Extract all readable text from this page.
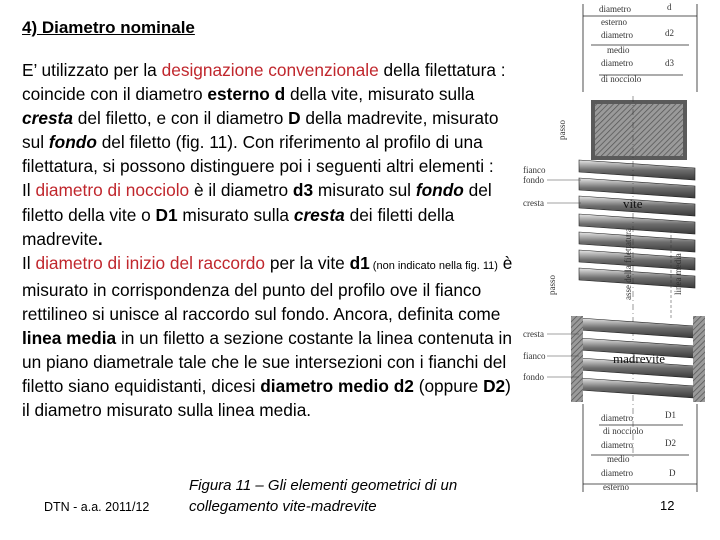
4) Diametro nominale
E’ utilizzato per la designazione convenzionale della filettatura : coincide con il diametro esterno d della vite, misurato sulla cresta del filetto, e con il diametro D della madrevite, misurato sul fondo del filetto (fig. 11). Con riferimento al profilo di una filettatura, si possono distinguere poi i seguenti altri elementi :
Il diametro di nocciolo è il diametro d3 misurato sul fondo del filetto della vite o D1 misurato sulla cresta dei filetti della madrevite.
Il diametro di inizio del raccordo per la vite d1 (non indicato nella fig. 11) è misurato in corrispondenza del punto del profilo ove il fianco rettilineo si unisce al raccordo sul fondo. Ancora, definita come linea media in un filetto a sezione costante la linea contenuta in un piano diametrale tale che le sue intersezioni con i fianchi del filetto siano equidistanti, dicesi diametro medio d2 (oppure D2) il diametro misurato sulla linea media.
diametro
esterno
d
diametro
medio
d2
diametro
di nocciolo
d3
vite
fondo
fianco
cresta
passo
asse della filettatura	linea media
passo
madrevite
cresta
fianco
fondo
diametro
di nocciolo
D1
diametro
medio
D2
diametro
esterno
D
DTN - a.a. 2011/12
Figura 11 – Gli elementi geometrici di un
collegamento vite-madrevite	12
